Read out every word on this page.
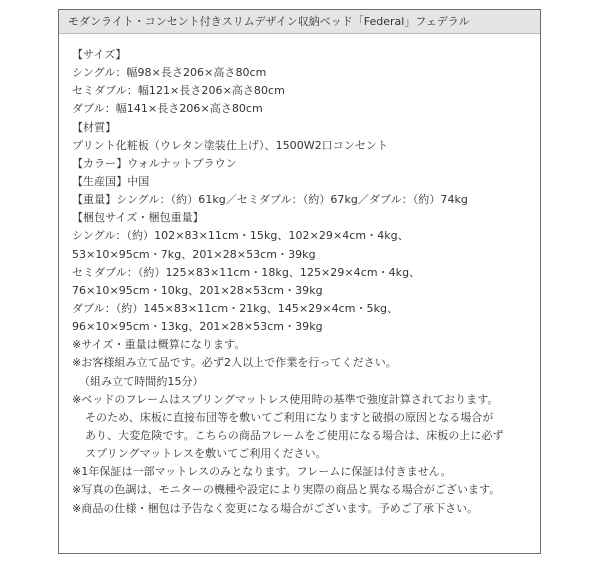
モダンライト・コンセント付きスリムデザイン収納ベッド「Federal」フェデラル
【サイズ】
シングル：幅98×長さ206×高さ80cm
セミダブル：幅121×長さ206×高さ80cm
ダブル：幅141×長さ206×高さ80cm
【材質】
プリント化粧板（ウレタン塗装仕上げ）、1500W2口コンセント
【カラー】ウォルナットブラウン
【生産国】中国
【重量】シングル：（約）61kg／セミダブル：（約）67kg／ダブル：（約）74kg
【梱包サイズ・梱包重量】
シングル：（約）102×83×11cm・15kg、102×29×4cm・4kg、
53×10×95cm・7kg、201×28×53cm・39kg
セミダブル：（約）125×83×11cm・18kg、125×29×4cm・4kg、
76×10×95cm・10kg、201×28×53cm・39kg
ダブル：（約）145×83×11cm・21kg、145×29×4cm・5kg、
96×10×95cm・13kg、201×28×53cm・39kg
※サイズ・重量は概算になります。
※お客様組み立て品です。必ず2人以上で作業を行ってください。
（組み立て時間約15分）
※ベッドのフレームはスプリングマットレス使用時の基準で強度計算されております。
そのため、床板に直接布団等を敷いてご利用になりますと破損の原因となる場合が
あり、大変危険です。こちらの商品フレームをご使用になる場合は、床板の上に必ず
スプリングマットレスを敷いてご利用ください。
※1年保証は一部マットレスのみとなります。フレームに保証は付きません。
※写真の色調は、モニターの機種や設定により実際の商品と異なる場合がございます。
※商品の仕様・梱包は予告なく変更になる場合がございます。予めご了承下さい。
